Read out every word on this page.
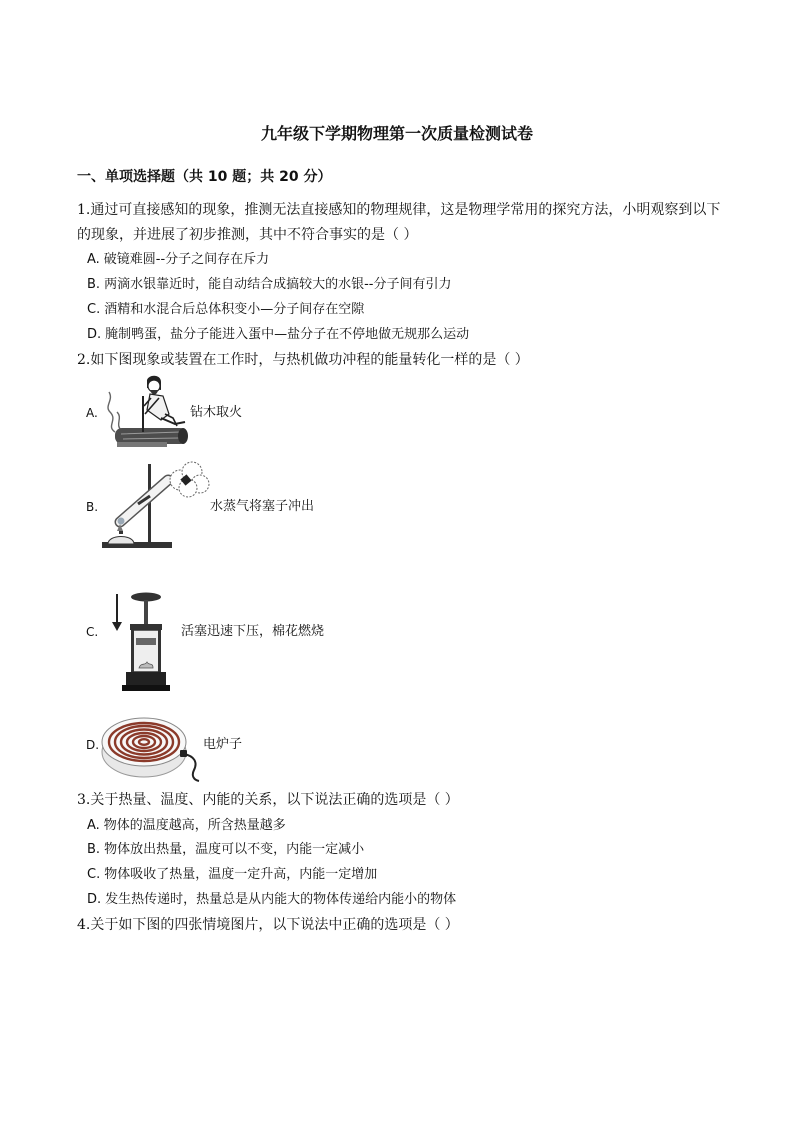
九年级下学期物理第一次质量检测试卷
一、单项选择题（共 10 题；共 20 分）
1.通过可直接感知的现象，推测无法直接感知的物理规律，这是物理学常用的探究方法，小明观察到以下
的现象，并进展了初步推测，其中不符合事实的是（ ）
A. 破镜难圆--分子之间存在斥力
B. 两滴水银靠近时，能自动结合成搞较大的水银--分子间有引力
C. 酒精和水混合后总体积变小—分子间存在空隙
D. 腌制鸭蛋，盐分子能进入蛋中—盐分子在不停地做无规那么运动
2.如下图现象或装置在工作时，与热机做功冲程的能量转化一样的是（ ）
A.	钻木取火
B.	水蒸气将塞子冲出
C.	活塞迅速下压，棉花燃烧
D.	电炉子
3.关于热量、温度、内能的关系，以下说法正确的选项是（ ）
A. 物体的温度越高，所含热量越多
B. 物体放出热量，温度可以不变，内能一定减小
C. 物体吸收了热量，温度一定升高，内能一定增加
D. 发生热传递时，热量总是从内能大的物体传递给内能小的物体
4.关于如下图的四张情境图片，以下说法中正确的选项是（ ）
